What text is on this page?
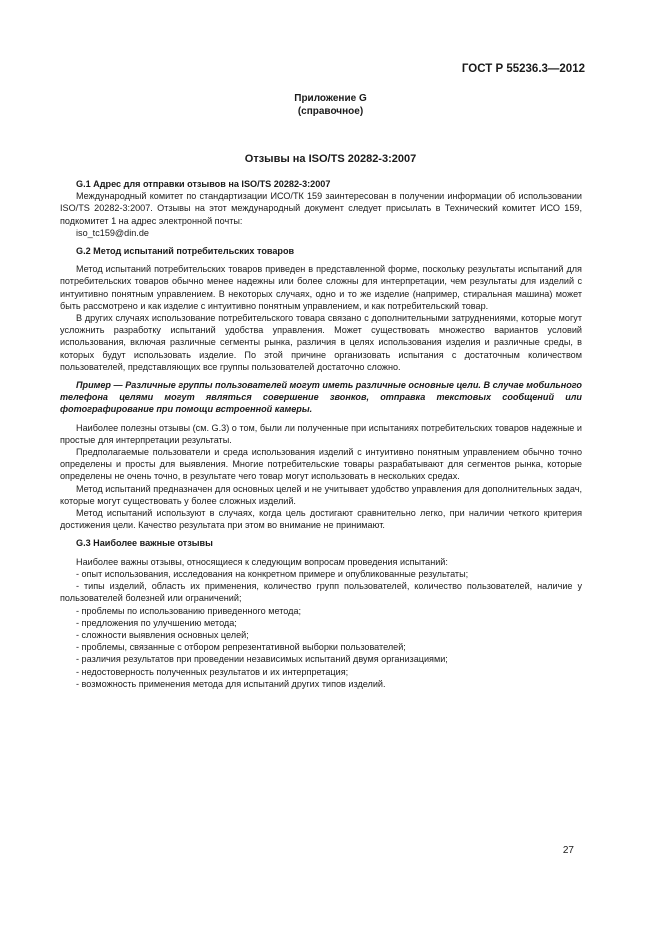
ГОСТ Р 55236.3—2012
Приложение G
(справочное)
Отзывы на ISO/TS 20282-3:2007

G.1 Адрес для отправки отзывов на ISO/TS 20282-3:2007

Международный комитет по стандартизации ИСО/ТК 159 заинтересован в получении информации об использовании ISO/TS 20282-3:2007. Отзывы на этот международный документ следует присылать в Технический комитет ИСО 159, подкомитет 1 на адрес электронной почты:

iso_tc159@din.de

G.2 Метод испытаний потребительских товаров

Метод испытаний потребительских товаров приведен в представленной форме, поскольку результаты испытаний для потребительских товаров обычно менее надежны или более сложны для интерпретации, чем результаты для изделий с интуитивно понятным управлением. В некоторых случаях, одно и то же изделие (например, стиральная машина) может быть рассмотрено и как изделие с интуитивно понятным управлением, и как потребительский товар.

В других случаях использование потребительского товара связано с дополнительными затруднениями, которые могут усложнить разработку испытаний удобства управления. Может существовать множество вариантов условий использования, включая различные сегменты рынка, различия в целях использования изделия и различные среды, в которых будут использовать изделие. По этой причине организовать испытания с достаточным количеством пользователей, представляющих все группы пользователей достаточно сложно.

Пример — Различные группы пользователей могут иметь различные основные цели. В случае мобильного телефона целями могут являться совершение звонков, отправка текстовых сообщений или фотографирование при помощи встроенной камеры.

Наиболее полезны отзывы (см. G.3) о том, были ли полученные при испытаниях потребительских товаров надежные и простые для интерпретации результаты.

Предполагаемые пользователи и среда использования изделий с интуитивно понятным управлением обычно точно определены и просты для выявления. Многие потребительские товары разрабатывают для сегментов рынка, которые определены не очень точно, в результате чего товар могут использовать в нескольких средах.

Метод испытаний предназначен для основных целей и не учитывает удобство управления для дополнительных задач, которые могут существовать у более сложных изделий.

Метод испытаний используют в случаях, когда цель достигают сравнительно легко, при наличии четкого критерия достижения цели. Качество результата при этом во внимание не принимают.

G.3 Наиболее важные отзывы

Наиболее важны отзывы, относящиеся к следующим вопросам проведения испытаний:

- опыт использования, исследования на конкретном примере и опубликованные результаты;

- типы изделий, область их применения, количество групп пользователей, количество пользователей, наличие у пользователей болезней или ограничений;

- проблемы по использованию приведенного метода;

- предложения по улучшению метода;

- сложности выявления основных целей;

- проблемы, связанные с отбором репрезентативной выборки пользователей;

- различия результатов при проведении независимых испытаний двумя организациями;

- недостоверность полученных результатов и их интерпретация;

- возможность применения метода для испытаний других типов изделий.

27
